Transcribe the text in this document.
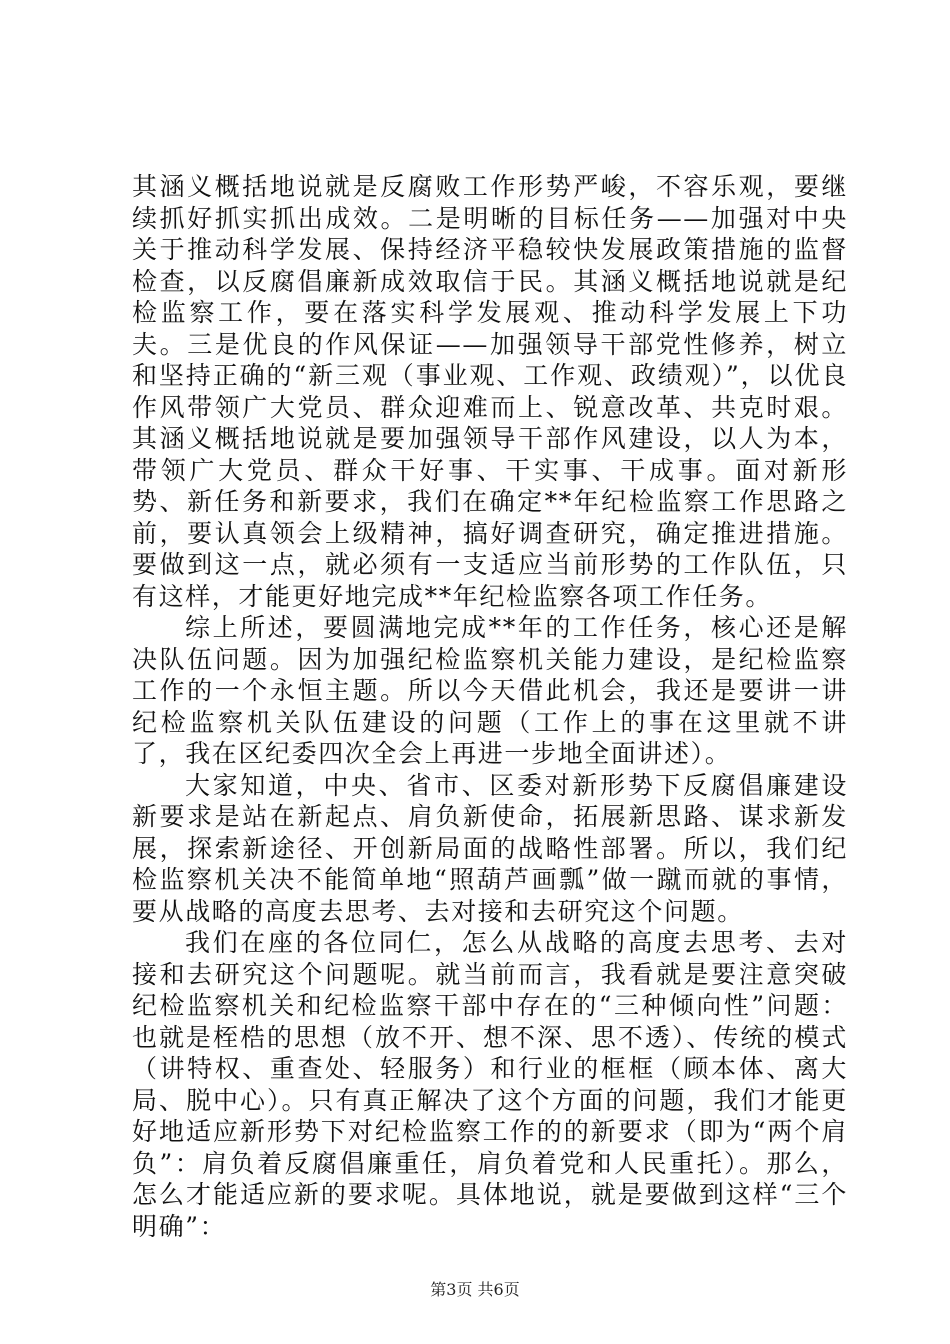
其涵义概括地说就是反腐败工作形势严峻，不容乐观，要继续抓好抓实抓出成效。二是明晰的目标任务——加强对中央关于推动科学发展、保持经济平稳较快发展政策措施的监督检查，以反腐倡廉新成效取信于民。其涵义概括地说就是纪检监察工作，要在落实科学发展观、推动科学发展上下功夫。三是优良的作风保证——加强领导干部党性修养，树立和坚持正确的“新三观（事业观、工作观、政绩观）”，以优良作风带领广大党员、群众迎难而上、锐意改革、共克时艰。其涵义概括地说就是要加强领导干部作风建设，以人为本，带领广大党员、群众干好事、干实事、干成事。面对新形势、新任务和新要求，我们在确定**年纪检监察工作思路之前，要认真领会上级精神，搞好调查研究，确定推进措施。要做到这一点，就必须有一支适应当前形势的工作队伍，只有这样，才能更好地完成**年纪检监察各项工作任务。

综上所述，要圆满地完成**年的工作任务，核心还是解决队伍问题。因为加强纪检监察机关能力建设，是纪检监察工作的一个永恒主题。所以今天借此机会，我还是要讲一讲纪检监察机关队伍建设的问题（工作上的事在这里就不讲了，我在区纪委四次全会上再进一步地全面讲述）。

大家知道，中央、省市、区委对新形势下反腐倡廉建设新要求是站在新起点、肩负新使命，拓展新思路、谋求新发展，探索新途径、开创新局面的战略性部署。所以，我们纪检监察机关决不能简单地“照葫芦画瓢”做一蹴而就的事情，要从战略的高度去思考、去对接和去研究这个问题。

我们在座的各位同仁，怎么从战略的高度去思考、去对接和去研究这个问题呢。就当前而言，我看就是要注意突破纪检监察机关和纪检监察干部中存在的“三种倾向性”问题：也就是桎梏的思想（放不开、想不深、思不透）、传统的模式（讲特权、重查处、轻服务）和行业的框框（顾本体、离大局、脱中心）。只有真正解决了这个方面的问题，我们才能更好地适应新形势下对纪检监察工作的的新要求（即为“两个肩负”：肩负着反腐倡廉重任，肩负着党和人民重托）。那么，怎么才能适应新的要求呢。具体地说，就是要做到这样“三个明确”：

第3页 共6页
